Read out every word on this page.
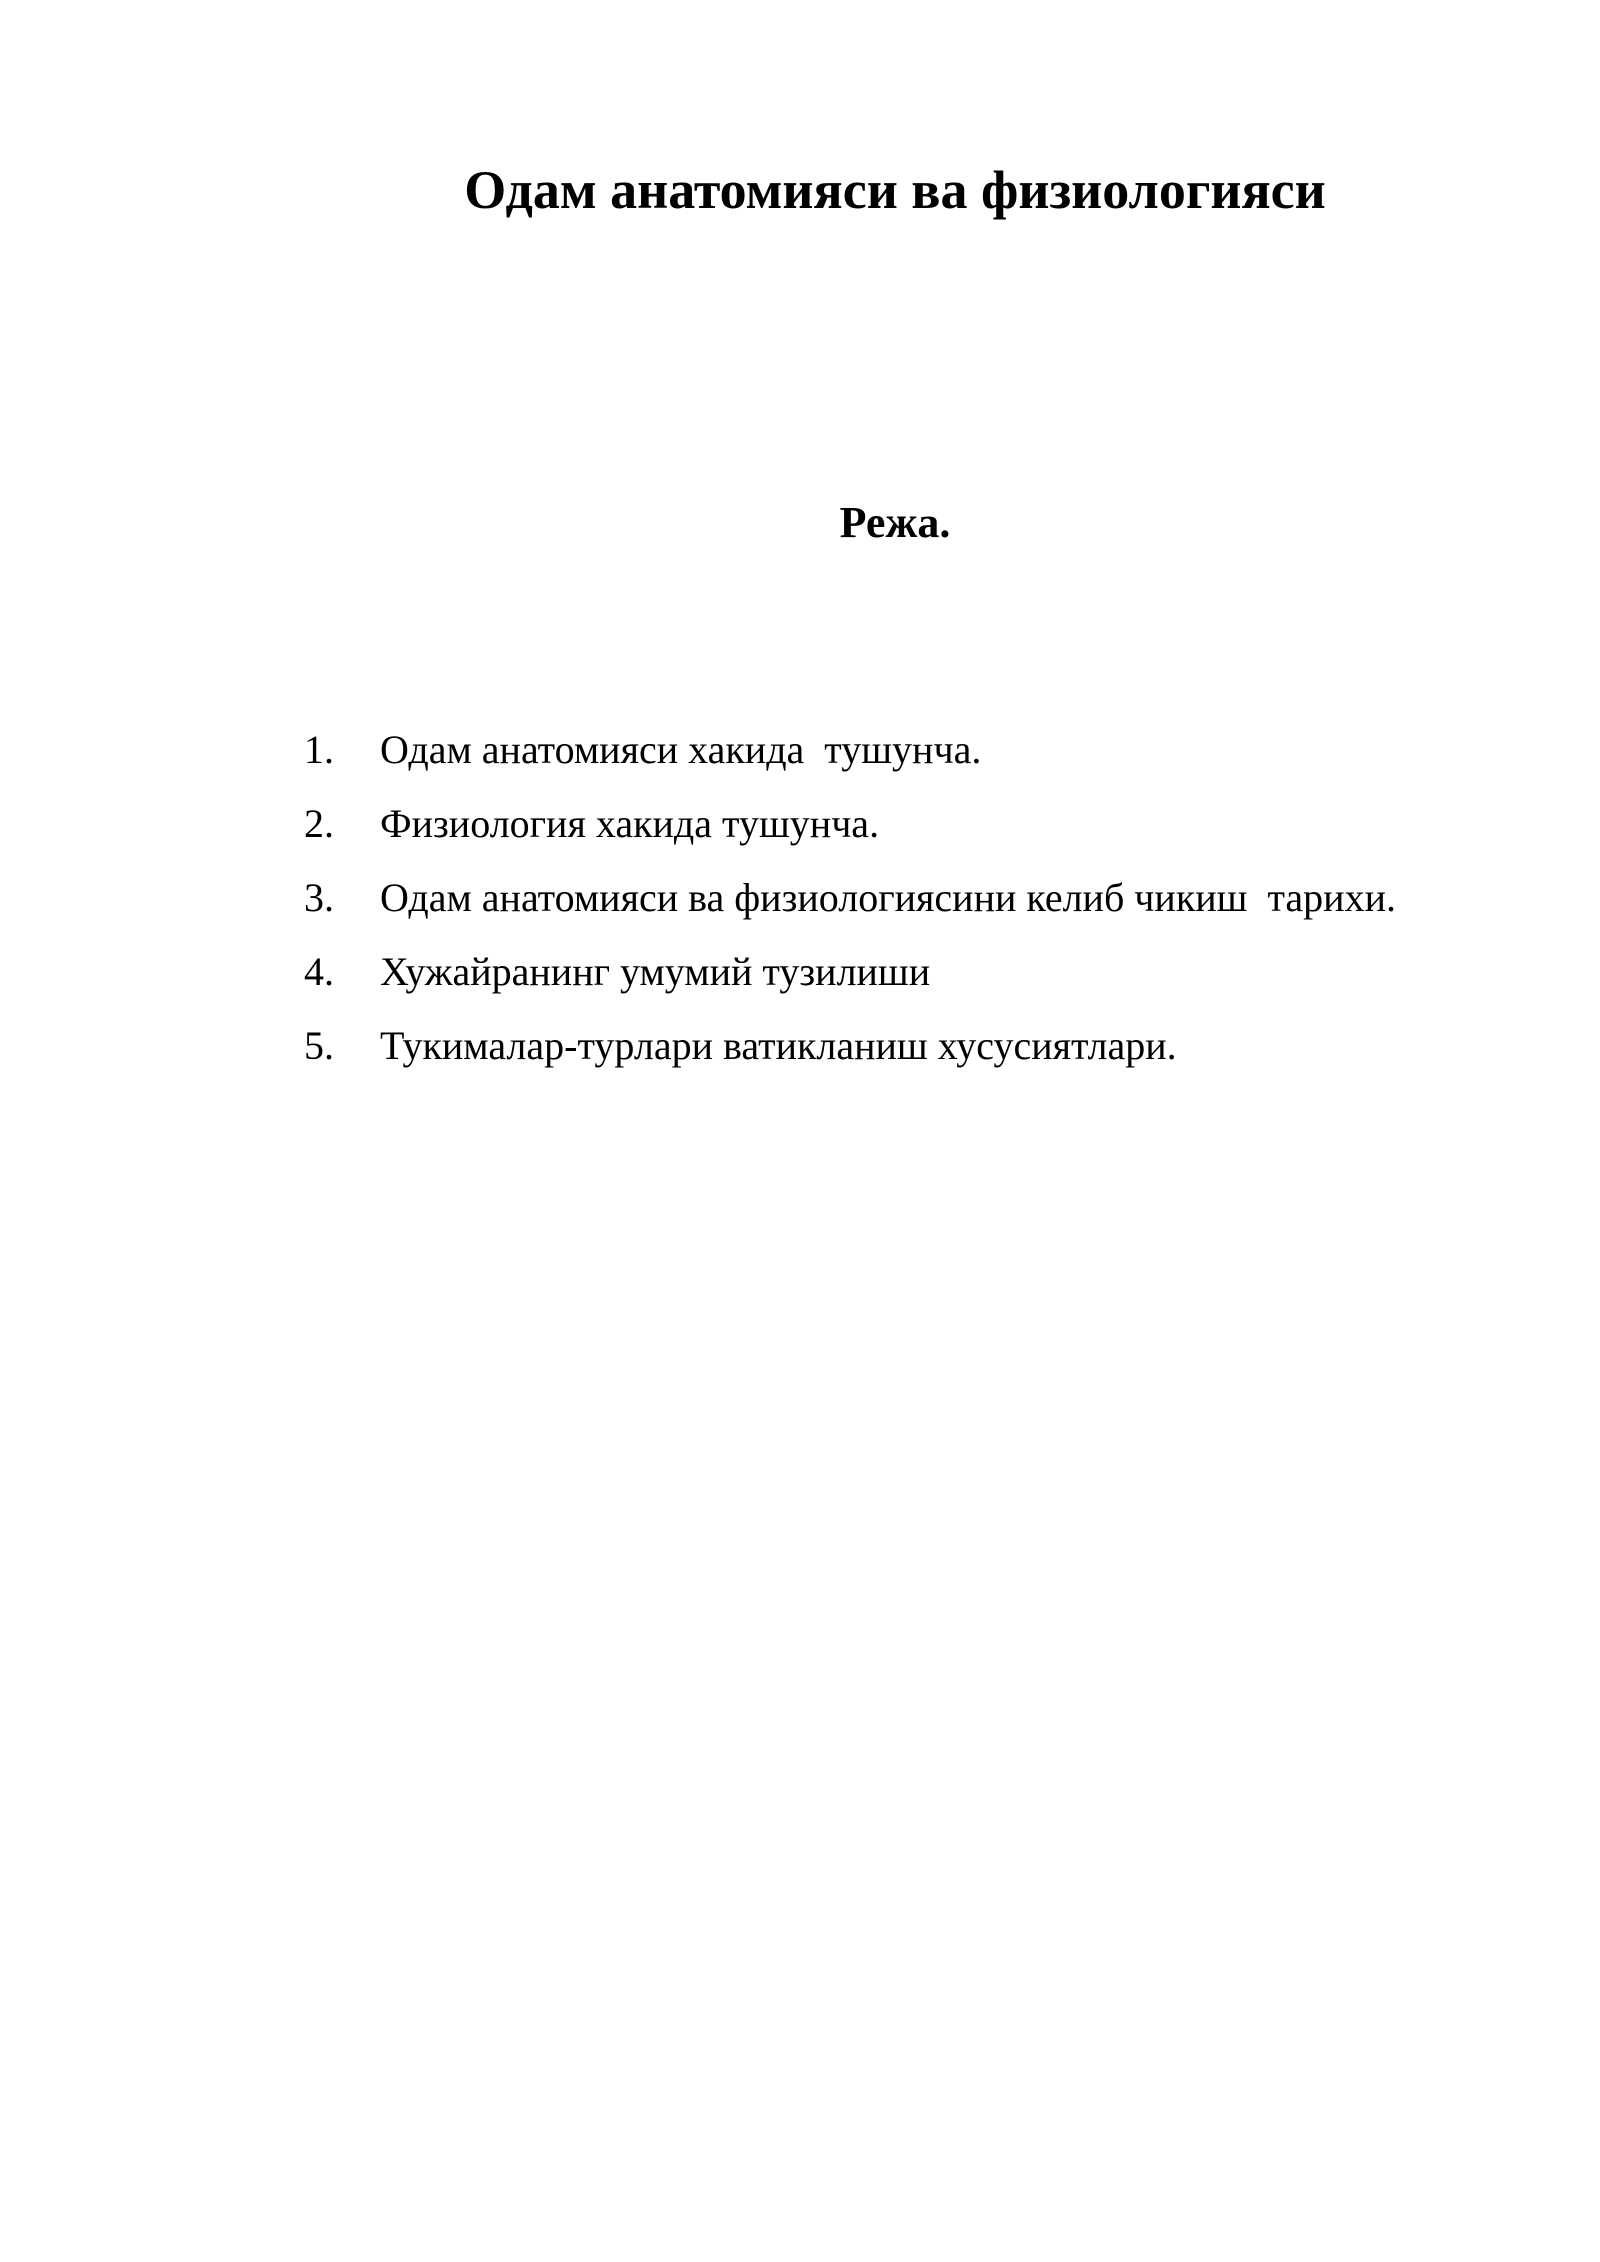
Одам анатомияси ва физиологияси
Режа.

1.

Одам анатомияси хакида  тушунча.

2.

Физиология хакида тушунча.

3.

Одам анатомияси ва физиологиясини келиб чикиш  тарихи.

4.

Хужайранинг умумий тузилиши

5.

Тукималар-турлари ватикланиш хусусиятлари.
